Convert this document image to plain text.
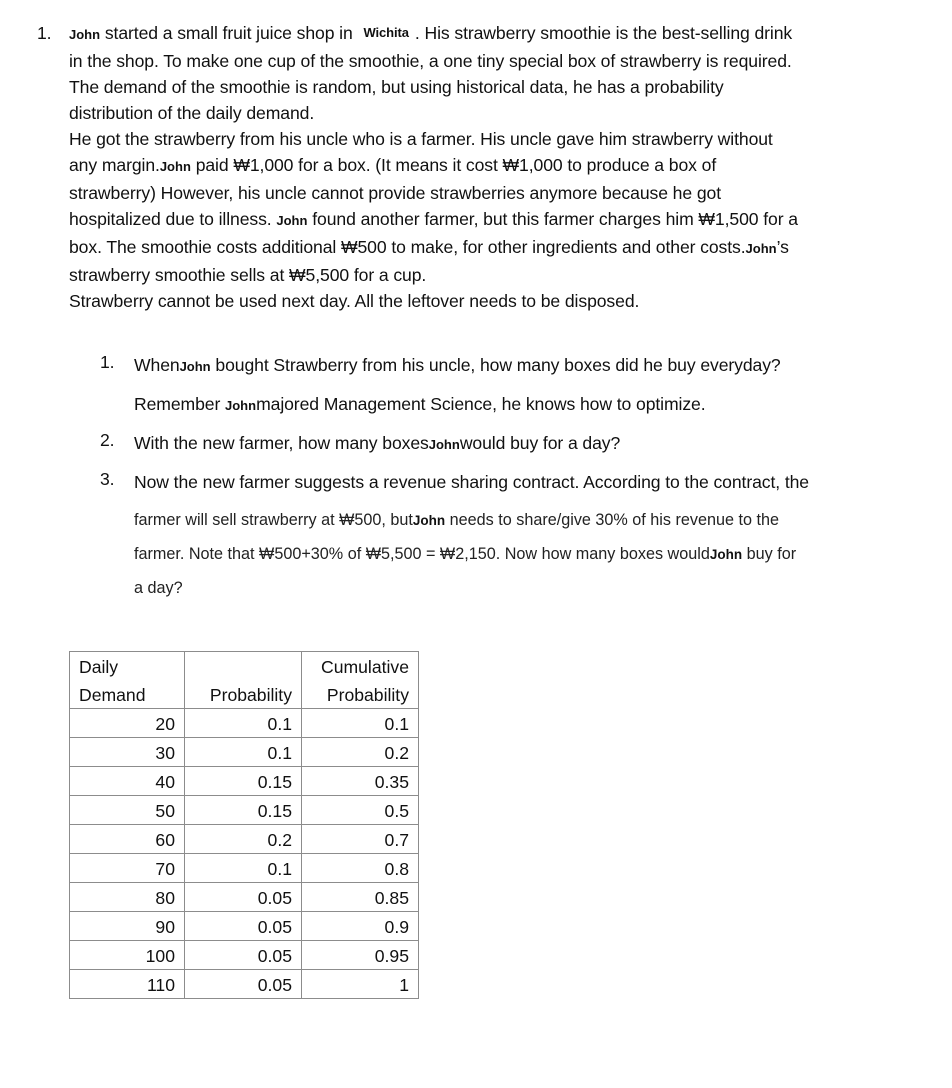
1. John started a small fruit juice shop in Wichita . His strawberry smoothie is the best-selling drink
in the shop. To make one cup of the smoothie, a one tiny special box of strawberry is required.
The demand of the smoothie is random, but using historical data, he has a probability
distribution of the daily demand.
He got the strawberry from his uncle who is a farmer. His uncle gave him strawberry without
any margin.John paid ₩1,000 for a box. (It means it cost ₩1,000 to produce a box of
strawberry) However, his uncle cannot provide strawberries anymore because he got
hospitalized due to illness. John found another farmer, but this farmer charges him ₩1,500 for a
box. The smoothie costs additional ₩500 to make, for other ingredients and other costs.John’s
strawberry smoothie sells at ₩5,500 for a cup.
Strawberry cannot be used next day. All the leftover needs to be disposed.
1. WhenJohn bought Strawberry from his uncle, how many boxes did he buy everyday?
Remember Johnmajored Management Science, he knows how to optimize.
2. With the new farmer, how many boxesJohnwould buy for a day?
3. Now the new farmer suggests a revenue sharing contract. According to the contract, the
farmer will sell strawberry at ₩500, butJohn needs to share/give 30% of his revenue to the
farmer. Note that ₩500+30% of ₩5,500 = ₩2,150. Now how many boxes wouldJohn buy for
a day?
Daily		Cumulative
Demand	Probability	Probability
20	0.1	0.1
30	0.1	0.2
40	0.15	0.35
50	0.15	0.5
60	0.2	0.7
70	0.1	0.8
80	0.05	0.85
90	0.05	0.9
100	0.05	0.95
110	0.05	1
